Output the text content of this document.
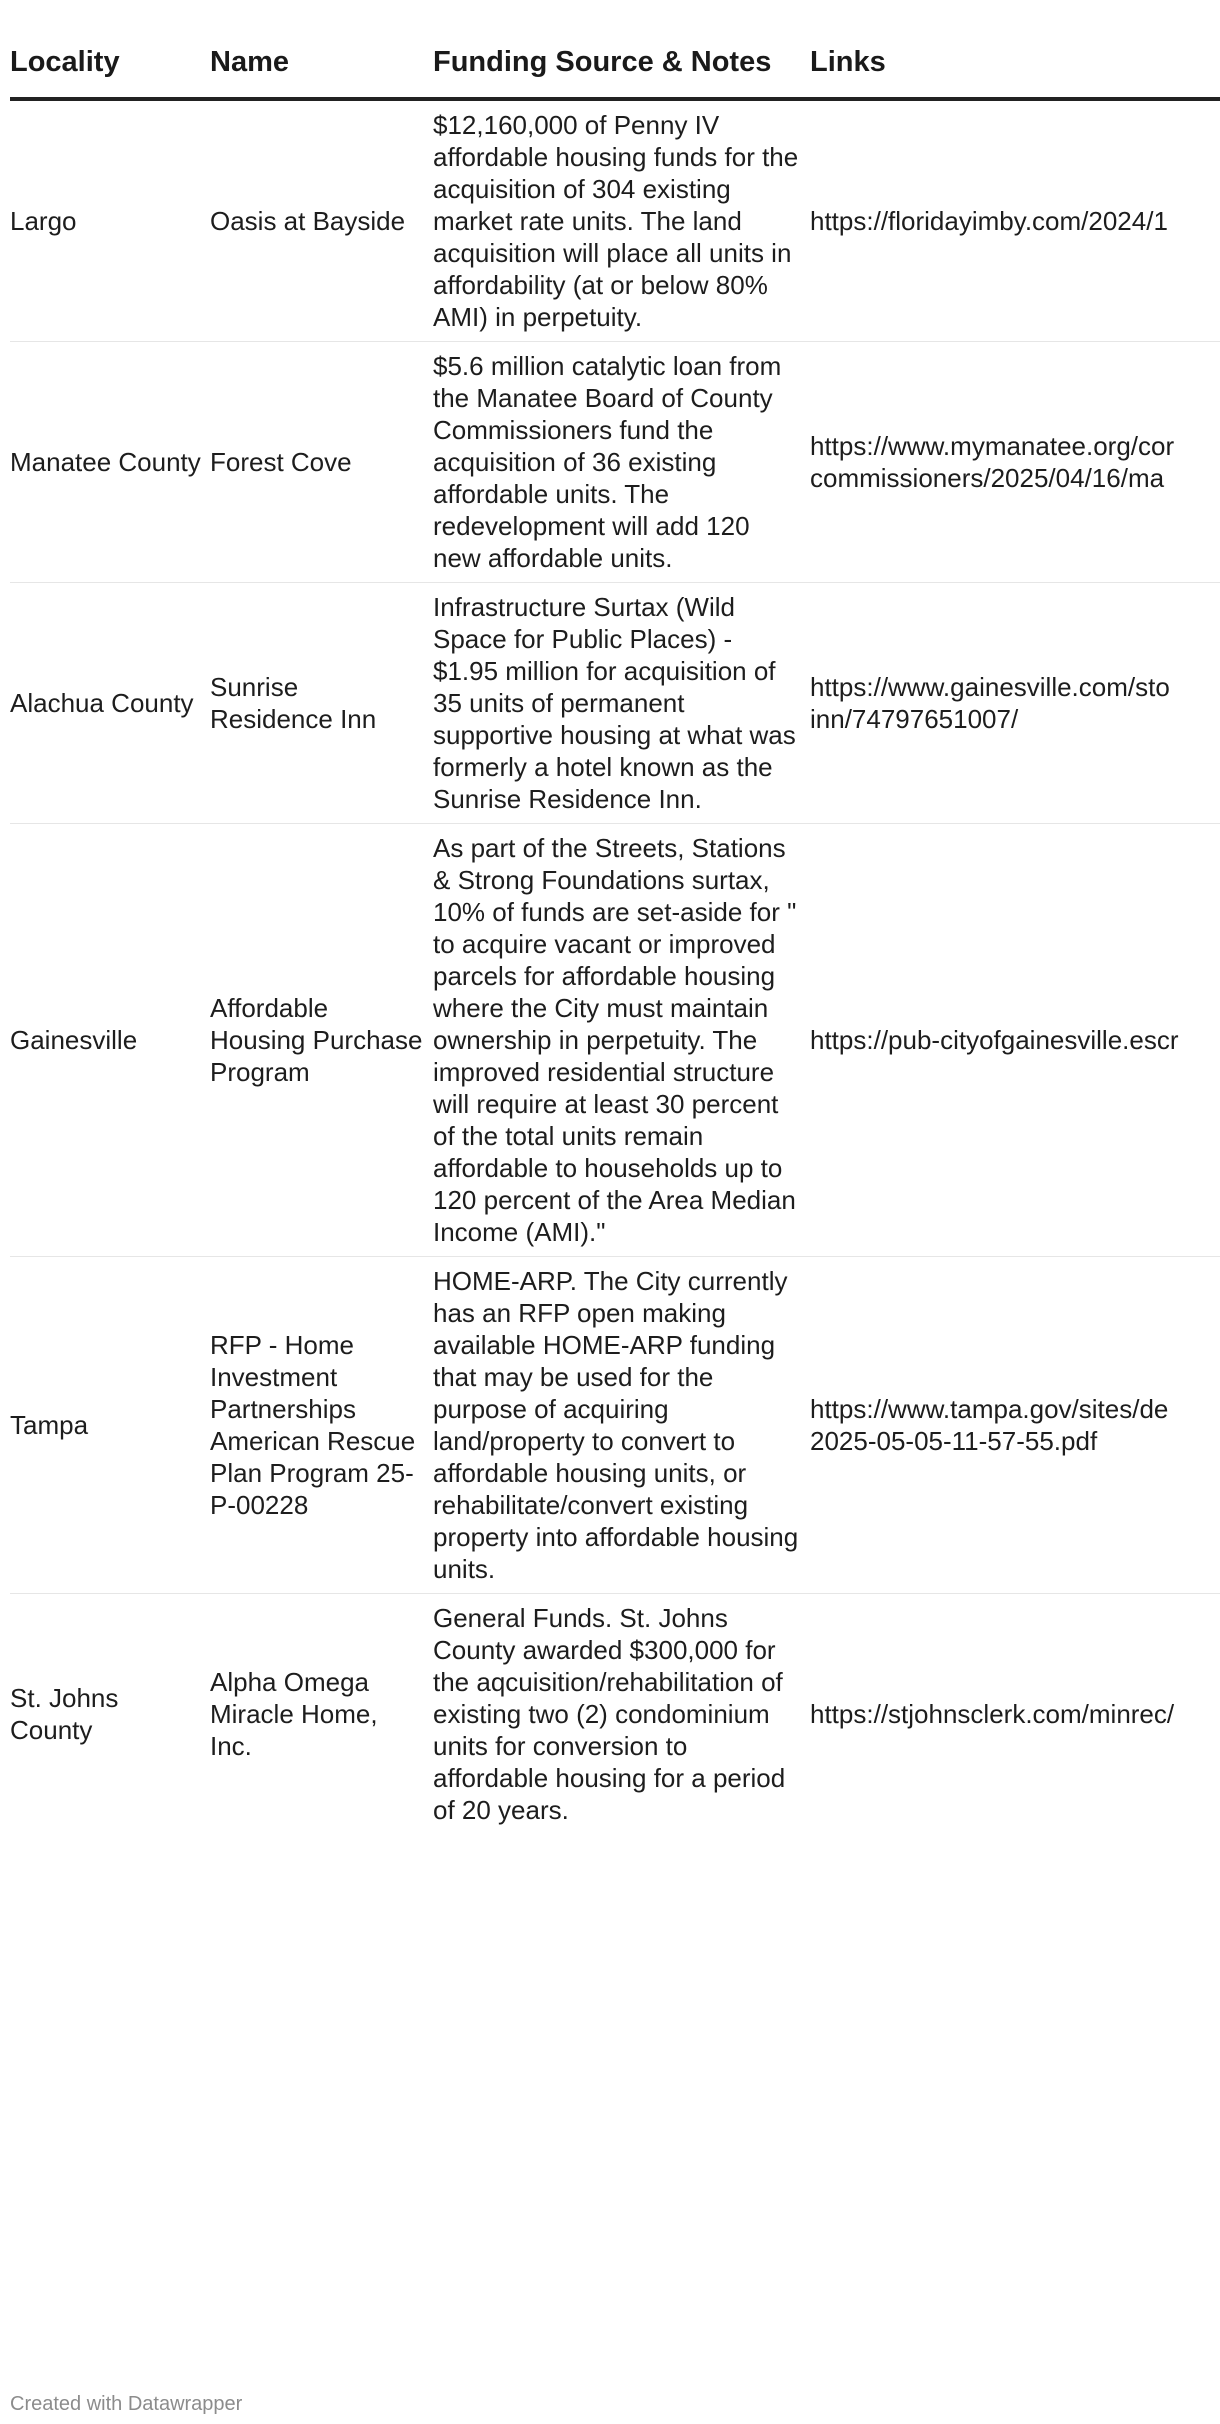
Locality	Name	Funding Source & Notes	Links
Largo	Oasis at Bayside	$12,160,000 of Penny IV affordable housing funds for the acquisition of 304 existing market rate units. The land acquisition will place all units in affordability (at or below 80% AMI) in perpetuity.	https://floridayimby.com/2024/1
Manatee County	Forest Cove	$5.6 million catalytic loan from the Manatee Board of County Commissioners fund the acquisition of 36 existing affordable units. The redevelopment will add 120 new affordable units.	https://www.mymanatee.org/cor
commissioners/2025/04/16/ma
Alachua County	Sunrise Residence Inn	Infrastructure Surtax (Wild Space for Public Places) - $1.95 million for acquisition of 35 units of permanent supportive housing at what was formerly a hotel known as the Sunrise Residence Inn.	https://www.gainesville.com/sto
inn/74797651007/
Gainesville	Affordable Housing Purchase Program	As part of the Streets, Stations & Strong Foundations surtax, 10% of funds are set-aside for " to acquire vacant or improved parcels for affordable housing where the City must maintain ownership in perpetuity. The improved residential structure will require at least 30 percent of the total units remain affordable to households up to 120 percent of the Area Median Income (AMI)."	https://pub-cityofgainesville.escr
Tampa	RFP - Home Investment Partnerships American Rescue Plan Program 25-P-00228	HOME-ARP. The City currently has an RFP open making available HOME-ARP funding that may be used for the purpose of acquiring land/property to convert to affordable housing units, or rehabilitate/convert existing property into affordable housing units.	https://www.tampa.gov/sites/de
2025-05-05-11-57-55.pdf
St. Johns County	Alpha Omega Miracle Home, Inc.	General Funds. St. Johns County awarded $300,000 for the aqcuisition/rehabilitation of existing two (2) condominium units for conversion to affordable housing for a period of 20 years.	https://stjohnsclerk.com/minrec/
Created with Datawrapper
